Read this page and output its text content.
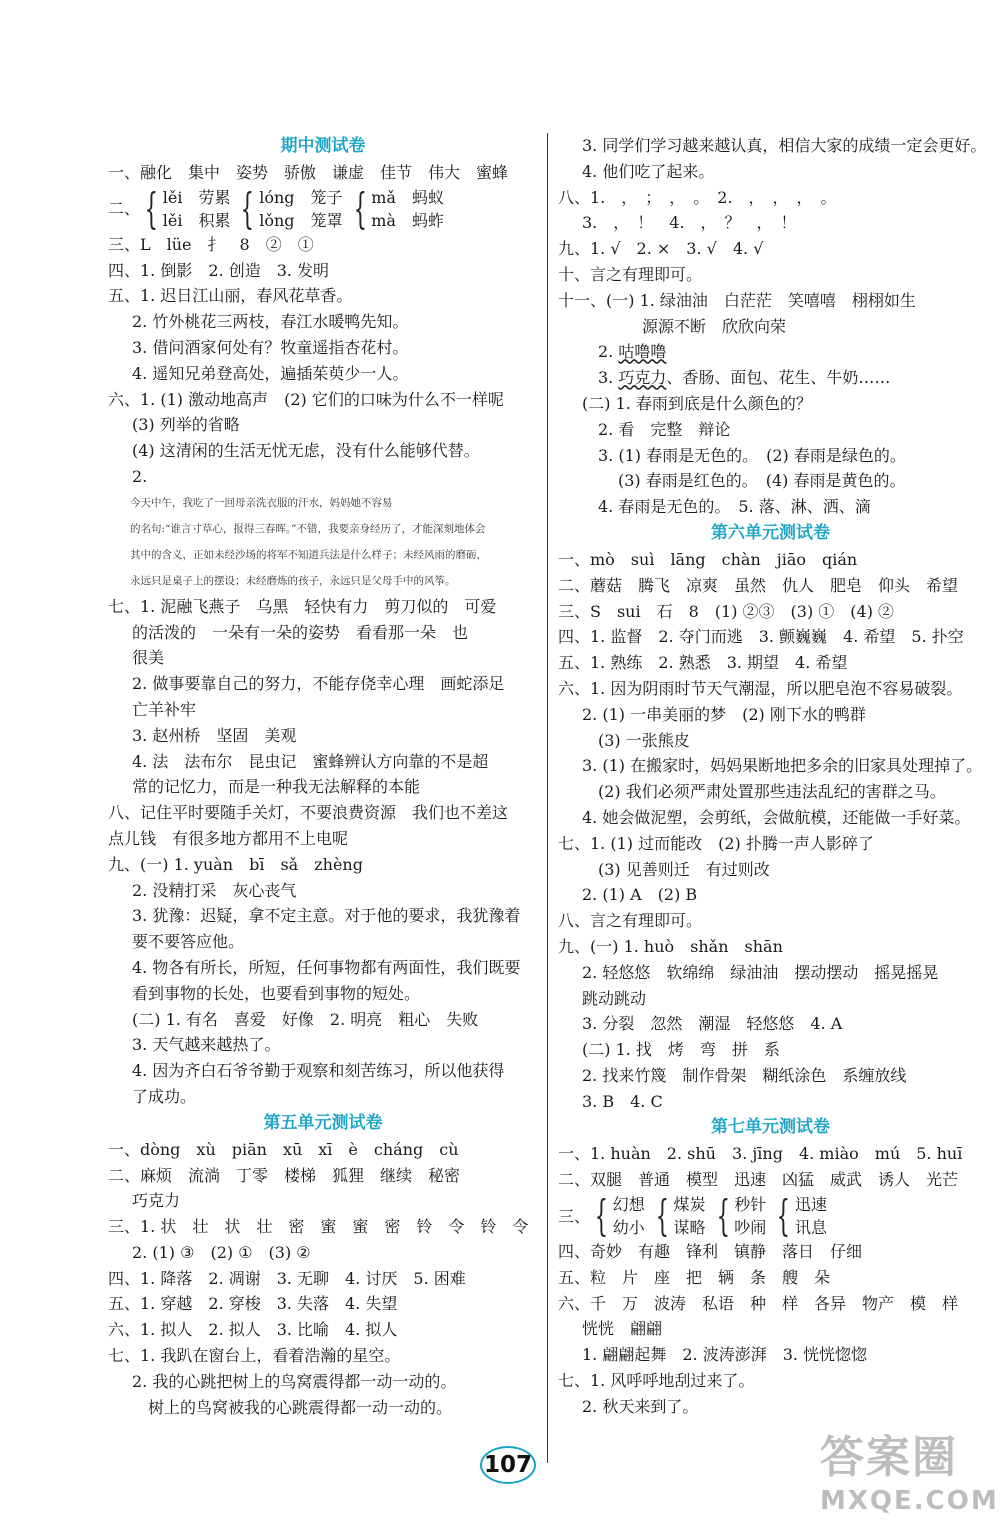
期中测试卷
一、融化　集中　姿势　骄傲　谦虚　佳节　伟大　蜜蜂
二、 { lěi　劳累
lěi　积累 { lóng　笼子
lǒng　笼罩 { mǎ　蚂蚁
mà　蚂蚱
三、L　lüe　扌　8　②　①
四、1. 倒影　2. 创造　3. 发明
五、1. 迟日江山丽，春风花草香。
2. 竹外桃花三两枝，春江水暖鸭先知。
3. 借问酒家何处有？牧童遥指杏花村。
4. 遥知兄弟登高处，遍插茱萸少一人。
六、1. (1) 激动地高声　(2) 它们的口味为什么不一样呢
(3) 列举的省略
(4) 这清闲的生活无忧无虑，没有什么能够代替。
2.
今天中午，我吃了一回母亲洗衣服的汗水，妈妈她不容易
的名句:“谁言寸草心，报得三春晖。”不错，我要亲身经历了，才能深刻地体会
其中的含义，正如未经沙场的将军不知道兵法是什么样子；未经风雨的磨砺，
永远只是桌子上的摆设；未经磨炼的孩子，永远只是父母手中的风筝。
七、1. 泥融飞燕子　乌黑　轻快有力　剪刀似的　可爱
的活泼的　一朵有一朵的姿势　看看那一朵　也
很美
2. 做事要靠自己的努力，不能存侥幸心理　画蛇添足
亡羊补牢
3. 赵州桥　坚固　美观
4. 法　法布尔　昆虫记　蜜蜂辨认方向靠的不是超
常的记忆力，而是一种我无法解释的本能
八、记住平时要随手关灯，不要浪费资源　我们也不差这
点儿钱　有很多地方都用不上电呢
九、(一) 1. yuàn　bī　sǎ　zhèng
2. 没精打采　灰心丧气
3. 犹豫：迟疑，拿不定主意。对于他的要求，我犹豫着
要不要答应他。
4. 物各有所长，所短，任何事物都有两面性，我们既要
看到事物的长处，也要看到事物的短处。
(二) 1. 有名　喜爱　好像　2. 明亮　粗心　失败
3. 天气越来越热了。
4. 因为齐白石爷爷勤于观察和刻苦练习，所以他获得
了成功。
第五单元测试卷
一、dòng　xù　piān　xū　xī　è　cháng　cù
二、麻烦　流淌　丁零　楼梯　狐狸　继续　秘密
巧克力
三、1. 状　壮　状　壮　密　蜜　蜜　密　铃　令　铃　令
2. (1) ③　(2) ①　(3) ②
四、1. 降落　2. 凋谢　3. 无聊　4. 讨厌　5. 困难
五、1. 穿越　2. 穿梭　3. 失落　4. 失望
六、1. 拟人　2. 拟人　3. 比喻　4. 拟人
七、1. 我趴在窗台上，看着浩瀚的星空。
2. 我的心跳把树上的鸟窝震得都一动一动的。
树上的鸟窝被我的心跳震得都一动一动的。
3. 同学们学习越来越认真，相信大家的成绩一定会更好。
4. 他们吃了起来。
八、1.　，　；　，　。　2.　，　，　，　。
3.　，　！　4.　，　？　，　！
九、1. √　2. ×　3. √　4. √
十、言之有理即可。
十一、(一) 1. 绿油油　白茫茫　笑嘻嘻　栩栩如生
源源不断　欣欣向荣
2. 咕噜噜
3. 巧克力、香肠、面包、花生、牛奶……
(二) 1. 春雨到底是什么颜色的？
2. 看　完整　辩论
3. (1) 春雨是无色的。　(2) 春雨是绿色的。
(3) 春雨是红色的。　(4) 春雨是黄色的。
4. 春雨是无色的。　5. 落、淋、洒、滴
第六单元测试卷
一、mò　suì　lāng　chàn　jiāo　qián
二、蘑菇　腾飞　凉爽　虽然　仇人　肥皂　仰头　希望
三、S　sui　石　8　(1) ②③　(3) ①　(4) ②
四、1. 监督　2. 夺门而逃　3. 颤巍巍　4. 希望　5. 扑空
五、1. 熟练　2. 熟悉　3. 期望　4. 希望
六、1. 因为阴雨时节天气潮湿，所以肥皂泡不容易破裂。
2. (1) 一串美丽的梦　(2) 刚下水的鸭群
(3) 一张熊皮
3. (1) 在搬家时，妈妈果断地把多余的旧家具处理掉了。
(2) 我们必须严肃处置那些违法乱纪的害群之马。
4. 她会做泥塑，会剪纸，会做航模，还能做一手好菜。
七、1. (1) 过而能改　(2) 扑腾一声人影碎了
(3) 见善则迁　有过则改
2. (1) A　(2) B
八、言之有理即可。
九、(一) 1. huò　shǎn　shān
2. 轻悠悠　软绵绵　绿油油　摆动摆动　摇晃摇晃
跳动跳动
3. 分裂　忽然　潮湿　轻悠悠　4. A
(二) 1. 找　烤　弯　拼　系
2. 找来竹篾　制作骨架　糊纸涂色　系缠放线
3. B　4. C
第七单元测试卷
一、1. huàn　2. shū　3. jīng　4. miào　mú　5. huī
二、双腿　普通　模型　迅速　凶猛　威武　诱人　光芒
三、 { 幻想
幼小 { 煤炭
谋略 { 秒针
吵闹 { 迅速
讯息
四、奇妙　有趣　锋利　镇静　落日　仔细
五、粒　片　座　把　辆　条　艘　朵
六、千　万　波涛　私语　种　样　各异　物产　模　样
恍恍　翩翩
1. 翩翩起舞　2. 波涛澎湃　3. 恍恍惚惚
七、1. 风呼呼地刮过来了。
2. 秋天来到了。
107	答案圈
MXQE.COM
